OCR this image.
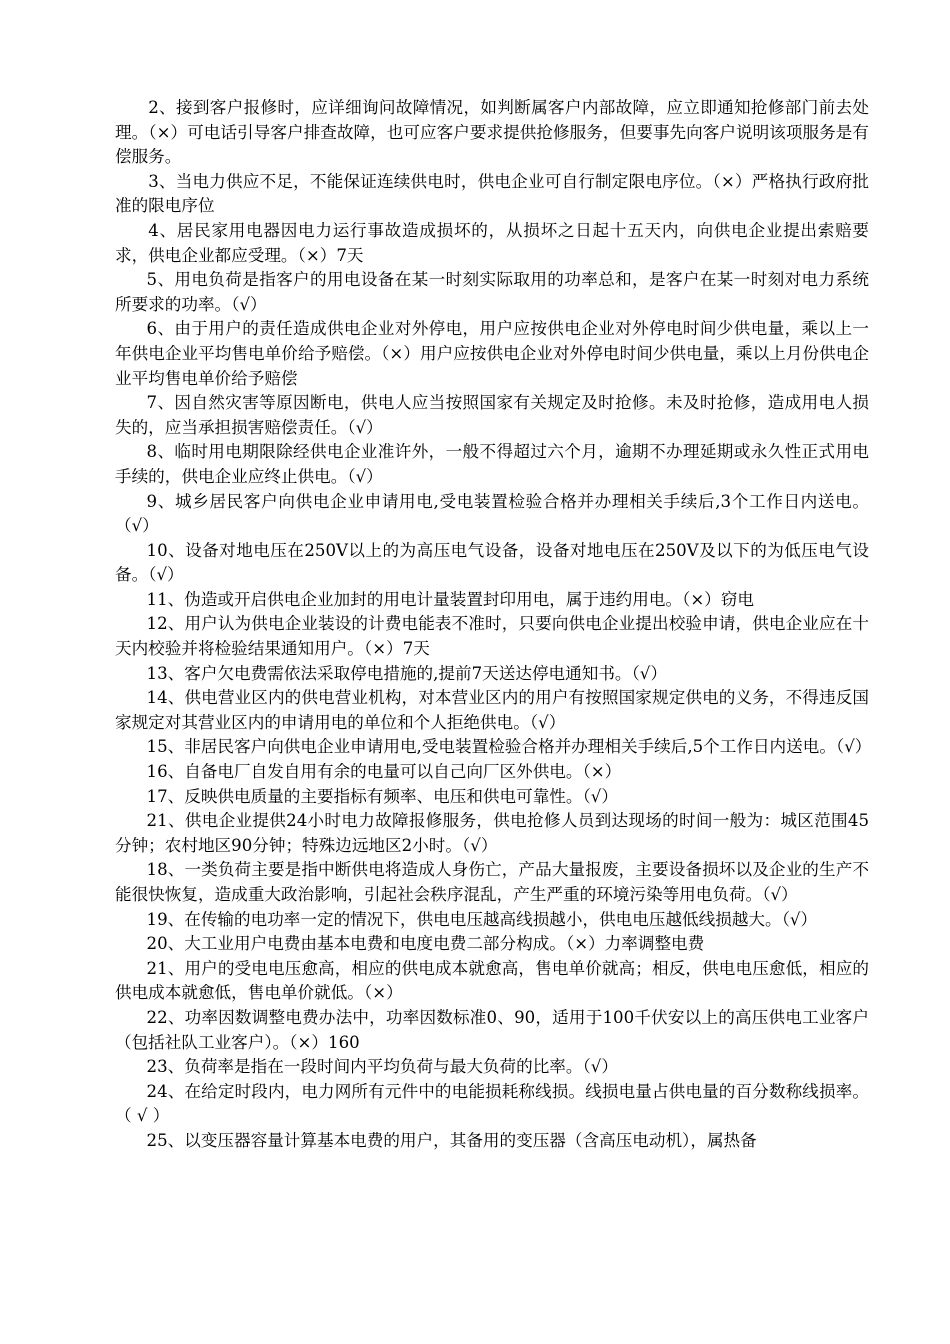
2、接到客户报修时，应详细询问故障情况，如判断属客户内部故障，应立即通知抢修部门前去处理。（×）可电话引导客户排查故障，也可应客户要求提供抢修服务，但要事先向客户说明该项服务是有偿服务。

3、当电力供应不足，不能保证连续供电时，供电企业可自行制定限电序位。（×）严格执行政府批准的限电序位

4、居民家用电器因电力运行事故造成损坏的，从损坏之日起十五天内，向供电企业提出索赔要求，供电企业都应受理。（×）7天

5、用电负荷是指客户的用电设备在某一时刻实际取用的功率总和，是客户在某一时刻对电力系统所要求的功率。（√）

6、由于用户的责任造成供电企业对外停电，用户应按供电企业对外停电时间少供电量，乘以上一年供电企业平均售电单价给予赔偿。（×）用户应按供电企业对外停电时间少供电量，乘以上月份供电企业平均售电单价给予赔偿

7、因自然灾害等原因断电，供电人应当按照国家有关规定及时抢修。未及时抢修，造成用电人损失的，应当承担损害赔偿责任。（√）

8、临时用电期限除经供电企业准许外，一般不得超过六个月，逾期不办理延期或永久性正式用电手续的，供电企业应终止供电。（√）

9、城乡居民客户向供电企业申请用电,受电装置检验合格并办理相关手续后,3个工作日内送电。（√）

10、设备对地电压在250V以上的为高压电气设备，设备对地电压在250V及以下的为低压电气设备。（√）

11、伪造或开启供电企业加封的用电计量装置封印用电，属于违约用电。（×）窃电

12、用户认为供电企业装设的计费电能表不准时，只要向供电企业提出校验申请，供电企业应在十天内校验并将检验结果通知用户。（×）7天

13、客户欠电费需依法采取停电措施的,提前7天送达停电通知书。（√）

14、供电营业区内的供电营业机构，对本营业区内的用户有按照国家规定供电的义务，不得违反国家规定对其营业区内的申请用电的单位和个人拒绝供电。（√）

15、非居民客户向供电企业申请用电,受电装置检验合格并办理相关手续后,5个工作日内送电。（√）

16、自备电厂自发自用有余的电量可以自己向厂区外供电。（×）

17、反映供电质量的主要指标有频率、电压和供电可靠性。（√）

21、供电企业提供24小时电力故障报修服务，供电抢修人员到达现场的时间一般为：城区范围45分钟；农村地区90分钟；特殊边远地区2小时。（√）

18、一类负荷主要是指中断供电将造成人身伤亡，产品大量报废，主要设备损坏以及企业的生产不能很快恢复，造成重大政治影响，引起社会秩序混乱，产生严重的环境污染等用电负荷。（√）

19、在传输的电功率一定的情况下，供电电压越高线损越小，供电电压越低线损越大。（√）

20、大工业用户电费由基本电费和电度电费二部分构成。（×）力率调整电费

21、用户的受电电压愈高，相应的供电成本就愈高，售电单价就高；相反，供电电压愈低，相应的供电成本就愈低，售电单价就低。（×）

22、功率因数调整电费办法中，功率因数标准0、90，适用于100千伏安以上的高压供电工业客户（包括社队工业客户）。（×）160

23、负荷率是指在一段时间内平均负荷与最大负荷的比率。（√）

24、在给定时段内，电力网所有元件中的电能损耗称线损。线损电量占供电量的百分数称线损率。  （ √ ）

25、以变压器容量计算基本电费的用户，其备用的变压器（含高压电动机），属热备
